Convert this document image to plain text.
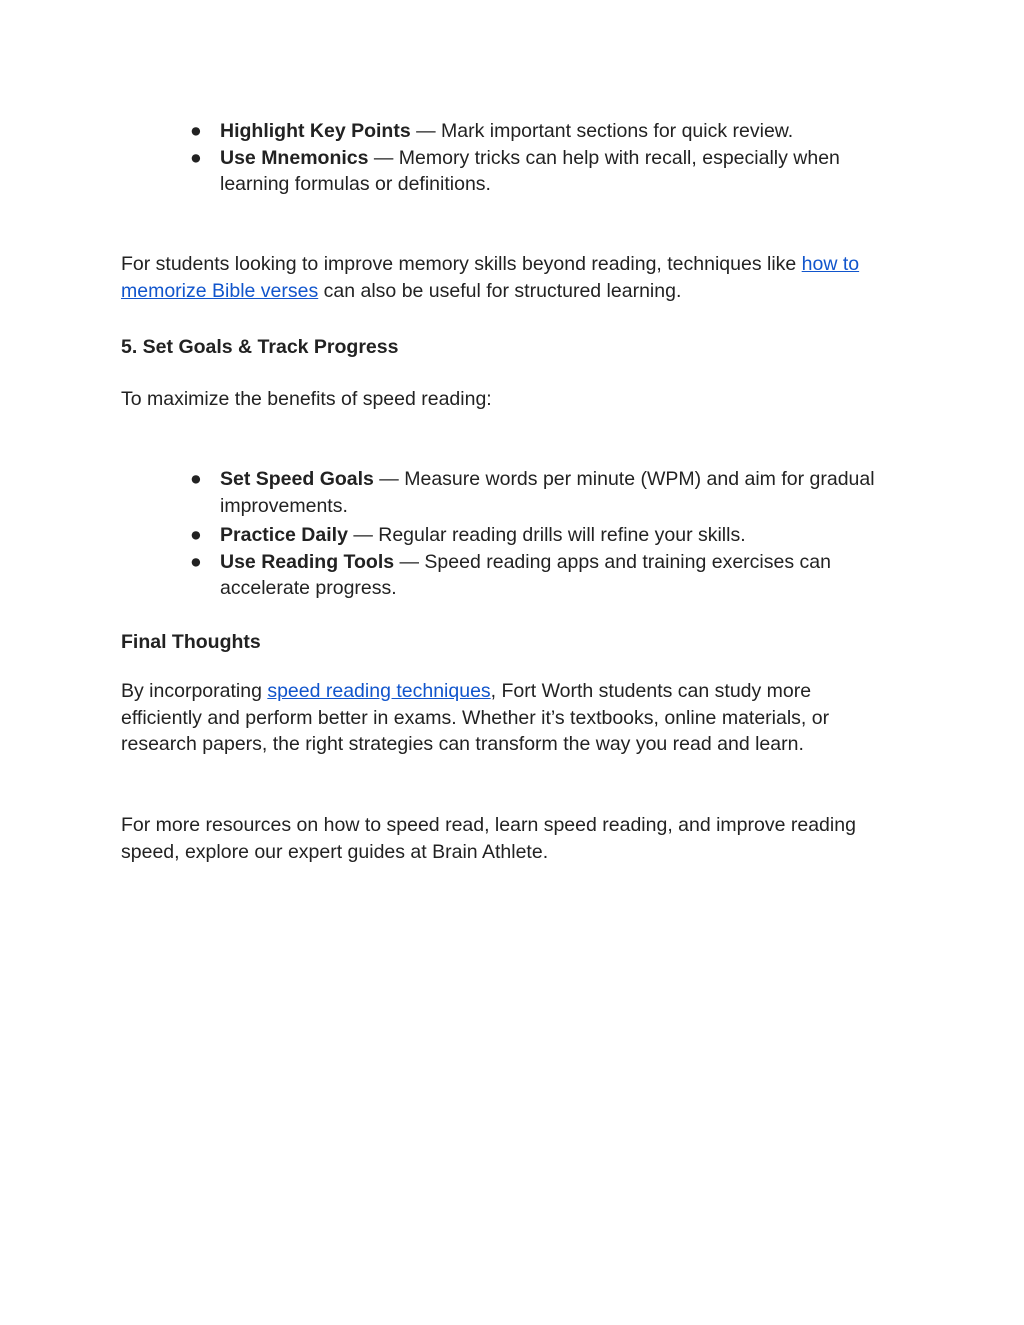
● Highlight Key Points — Mark important sections for quick review.
● Use Mnemonics — Memory tricks can help with recall, especially when learning formulas or definitions.

For students looking to improve memory skills beyond reading, techniques like how to memorize Bible verses can also be useful for structured learning.

5. Set Goals & Track Progress

To maximize the benefits of speed reading:

● Set Speed Goals — Measure words per minute (WPM) and aim for gradual improvements.
● Practice Daily — Regular reading drills will refine your skills.
● Use Reading Tools — Speed reading apps and training exercises can accelerate progress.
Final Thoughts

By incorporating speed reading techniques, Fort Worth students can study more efficiently and perform better in exams. Whether it’s textbooks, online materials, or research papers, the right strategies can transform the way you read and learn.

For more resources on how to speed read, learn speed reading, and improve reading speed, explore our expert guides at Brain Athlete.
